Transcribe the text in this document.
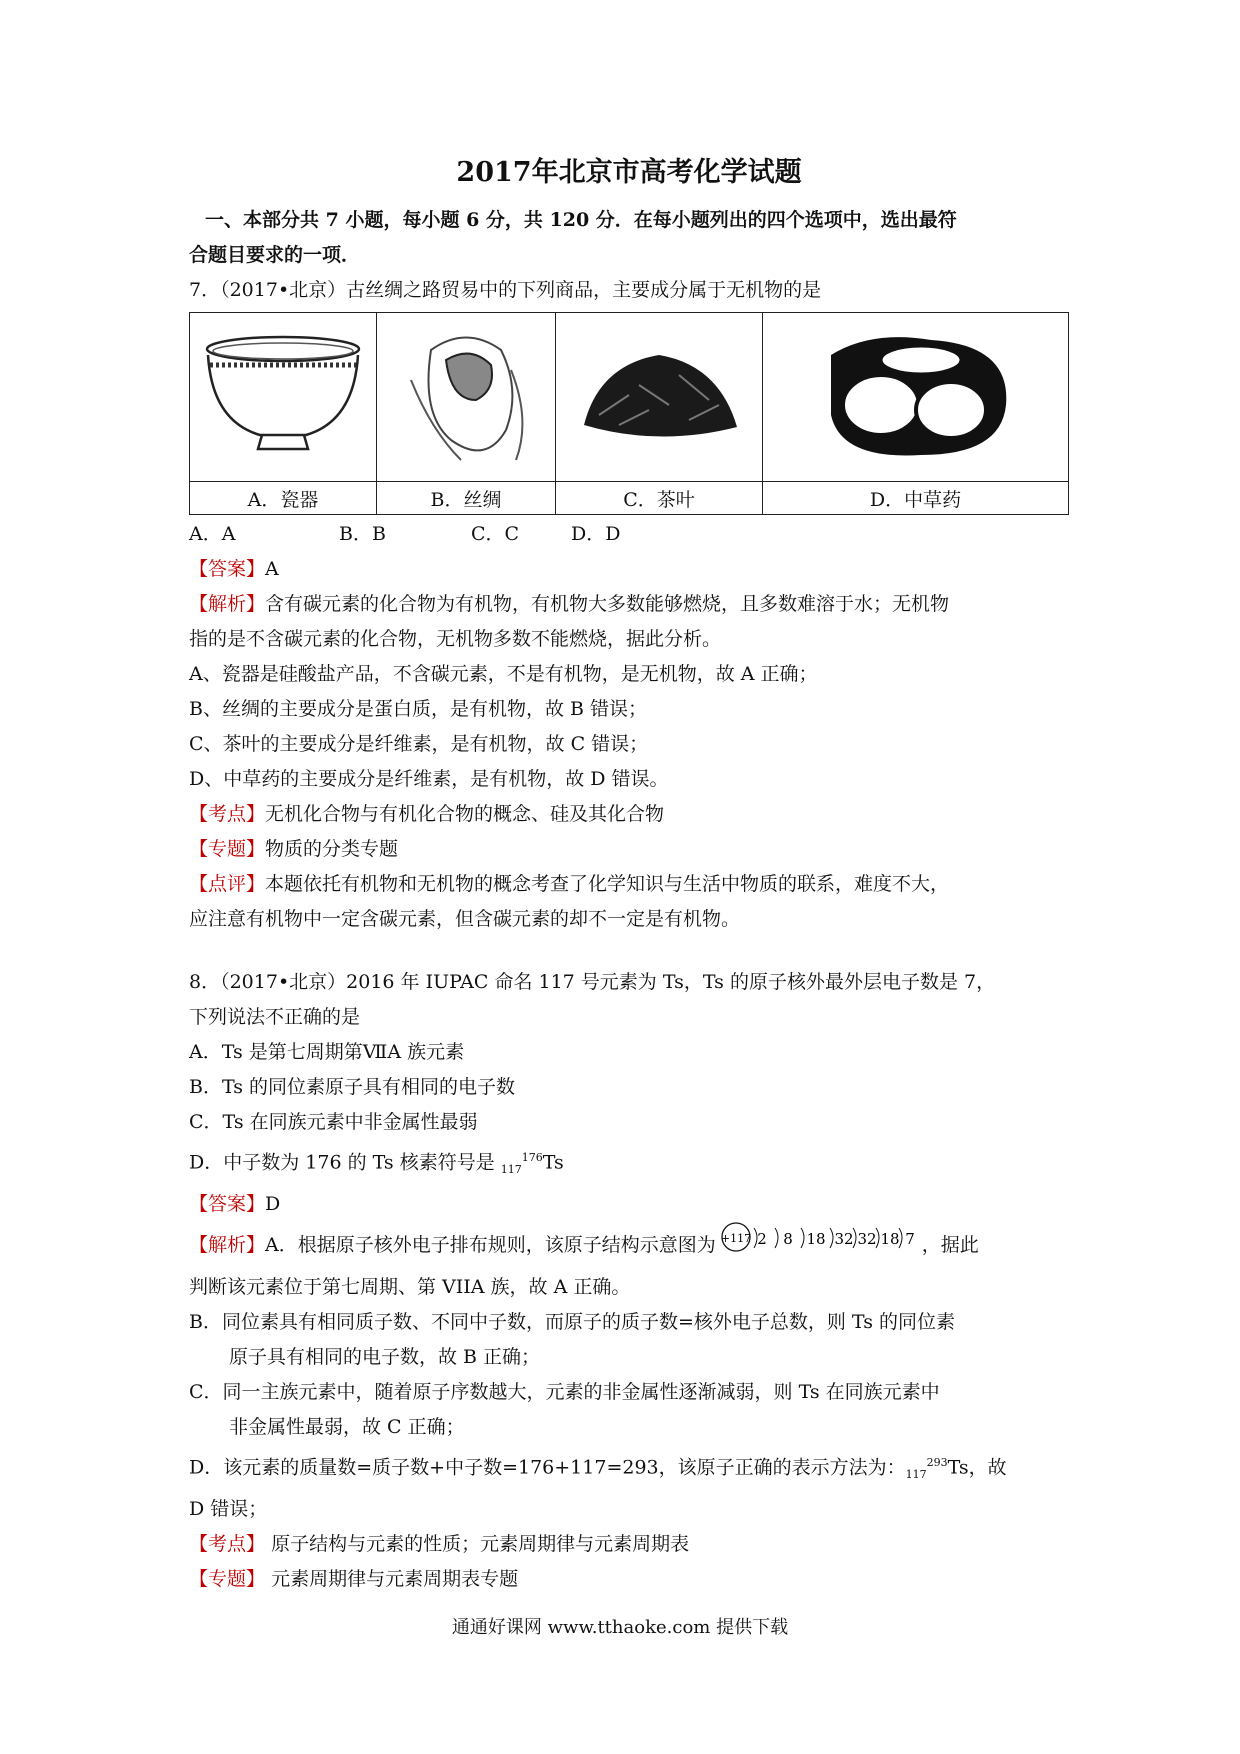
2017年北京市高考化学试题

一、本部分共 7 小题，每小题 6 分，共 120 分．在每小题列出的四个选项中，选出最符

合题目要求的一项．

7．（2017•北京）古丝绸之路贸易中的下列商品，主要成分属于无机物的是

A．瓷器	B．丝绸	C．茶叶	D．中草药

A．A	B．B	C．C	D．D

【答案】A

【解析】含有碳元素的化合物为有机物，有机物大多数能够燃烧，且多数难溶于水；无机物

指的是不含碳元素的化合物，无机物多数不能燃烧，据此分析。

A、瓷器是硅酸盐产品，不含碳元素，不是有机物，是无机物，故 A 正确；

B、丝绸的主要成分是蛋白质，是有机物，故 B 错误；

C、茶叶的主要成分是纤维素，是有机物，故 C 错误；

D、中草药的主要成分是纤维素，是有机物，故 D 错误。

【考点】无机化合物与有机化合物的概念、硅及其化合物

【专题】物质的分类专题

【点评】本题依托有机物和无机物的概念考查了化学知识与生活中物质的联系，难度不大，

应注意有机物中一定含碳元素，但含碳元素的却不一定是有机物。

8．（2017•北京）2016 年 IUPAC 命名 117 号元素为 Ts，Ts 的原子核外最外层电子数是 7，

下列说法不正确的是

A．Ts 是第七周期第ⅦA 族元素

B．Ts 的同位素原子具有相同的电子数

C．Ts 在同族元素中非金属性最弱

D．中子数为 176 的 Ts 核素符号是 $_{117}^{176}$Ts

【答案】D

【解析】A．根据原子核外电子排布规则，该原子结构示意图为 +117 2 8 18 32 32 18 7 ，据此

判断该元素位于第七周期、第 VIIA 族，故 A 正确。

B．同位素具有相同质子数、不同中子数，而原子的质子数=核外电子总数，则 Ts 的同位素

原子具有相同的电子数，故 B 正确；

C．同一主族元素中，随着原子序数越大，元素的非金属性逐渐减弱，则 Ts 在同族元素中

非金属性最弱，故 C 正确；

D．该元素的质量数=质子数+中子数=176+117=293，该原子正确的表示方法为：$_{117}^{293}$Ts，故

D 错误；

【考点】 原子结构与元素的性质；元素周期律与元素周期表

【专题】 元素周期律与元素周期表专题

通通好课网 www.tthaoke.com 提供下载
